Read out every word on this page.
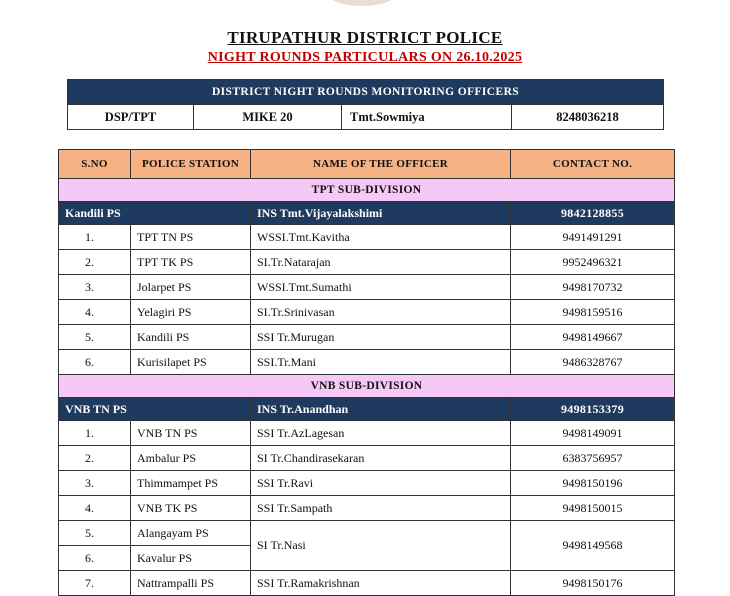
TIRUPATHUR DISTRICT POLICE
NIGHT ROUNDS PARTICULARS ON 26.10.2025
DISTRICT NIGHT ROUNDS MONITORING OFFICERS
DSP/TPT	MIKE 20	Tmt.Sowmiya	8248036218
S.NO	POLICE STATION	NAME OF THE OFFICER	CONTACT NO.
TPT SUB-DIVISION			
Kandili PS		INS Tmt.Vijayalakshimi	9842128855
1.	TPT TN PS	WSSI.Tmt.Kavitha	9491491291
2.	TPT TK PS	SI.Tr.Natarajan	9952496321
3.	Jolarpet PS	WSSI.Tmt.Sumathi	9498170732
4.	Yelagiri PS	SI.Tr.Srinivasan	9498159516
5.	Kandili PS	SSI Tr.Murugan	9498149667
6.	Kurisilapet PS	SSI.Tr.Mani	9486328767
VNB SUB-DIVISION			
VNB TN PS		INS Tr.Anandhan	9498153379
1.	VNB TN PS	SSI Tr.AzLagesan	9498149091
2.	Ambalur PS	SI Tr.Chandirasekaran	6383756957
3.	Thimmampet PS	SSI Tr.Ravi	9498150196
4.	VNB TK PS	SSI Tr.Sampath	9498150015
5.	Alangayam PS	SI Tr.Nasi	9498149568
6.	Kavalur PS		
7.	Nattrampalli PS	SSI Tr.Ramakrishnan	9498150176
